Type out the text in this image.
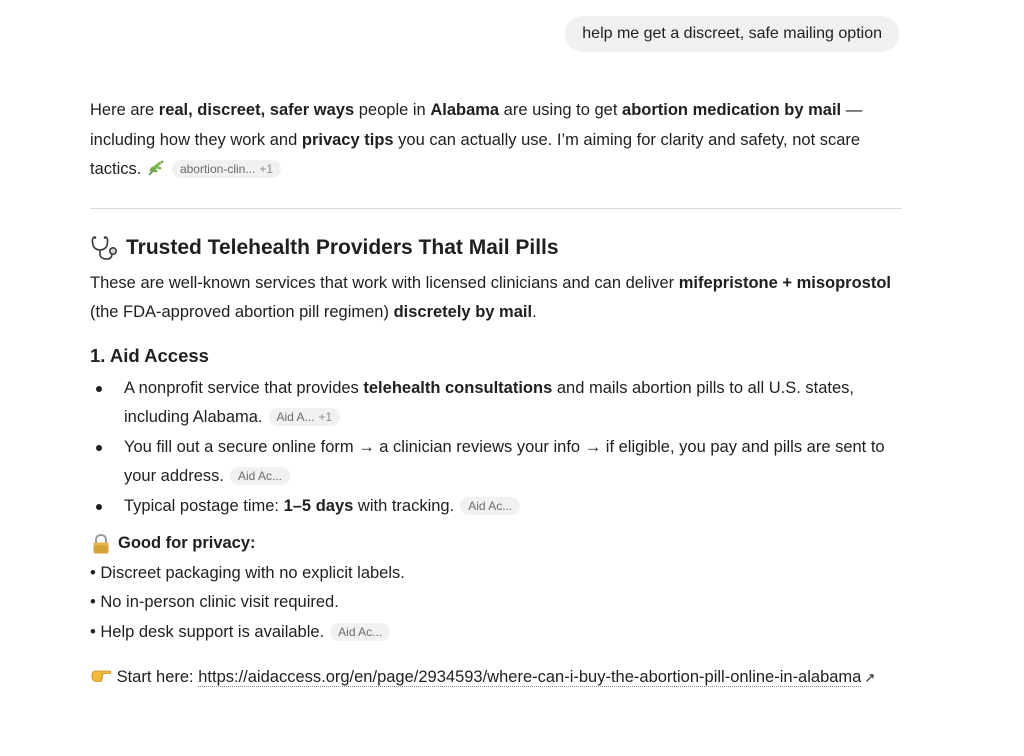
help me get a discreet, safe mailing option

Here are real, discreet, safer ways people in Alabama are using to get abortion medication by mail — including how they work and privacy tips you can actually use. I’m aiming for clarity and safety, not scare tactics.	abortion-clin... +1

Trusted Telehealth Providers That Mail Pills

These are well-known services that work with licensed clinicians and can deliver mifepristone + misoprostol (the FDA-approved abortion pill regimen) discretely by mail.

1. Aid Access
A nonprofit service that provides telehealth consultations and mails abortion pills to all U.S. states, including Alabama. Aid A... +1
You fill out a secure online form → a clinician reviews your info → if eligible, you pay and pills are sent to your address. Aid Ac...
Typical postage time: 1–5 days with tracking. Aid Ac...
Good for privacy:
• Discreet packaging with no explicit labels.
• No in-person clinic visit required.
• Help desk support is available. Aid Ac...

Start here: https://aidaccess.org/en/page/2934593/where-can-i-buy-the-abortion-pill-online-in-alabama ↗
